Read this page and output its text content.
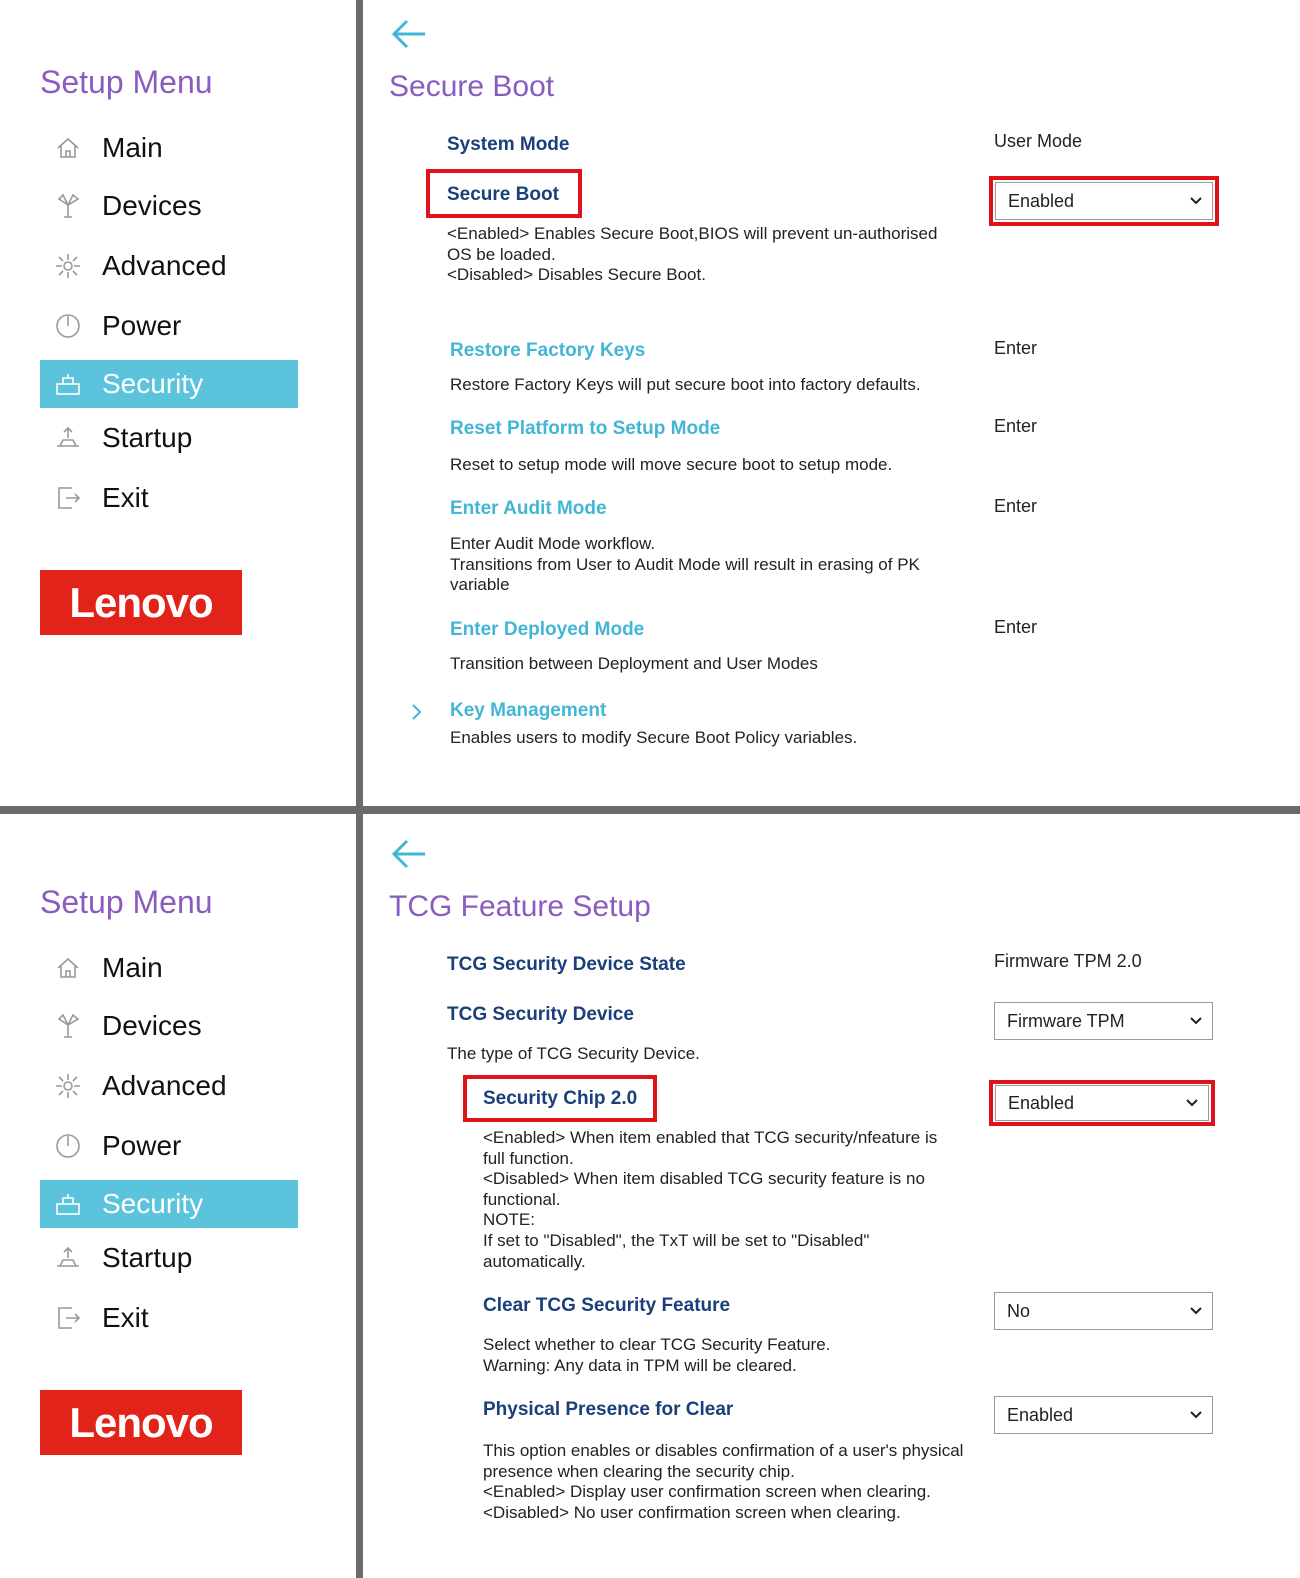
Setup Menu
Main
Devices
Advanced
Power
Security
Startup
Exit
Lenovo
Secure Boot
System Mode	User Mode
Secure Boot	Enabled
<Enabled> Enables Secure Boot,BIOS will prevent un-authorised
OS be loaded.
<Disabled> Disables Secure Boot.
Restore Factory Keys	Enter
Restore Factory Keys will put secure boot into factory defaults.
Reset Platform to Setup Mode	Enter
Reset to setup mode will move secure boot to setup mode.
Enter Audit Mode	Enter
Enter Audit Mode workflow.
Transitions from User to Audit Mode will result in erasing of PK
variable
Enter Deployed Mode	Enter
Transition between Deployment and User Modes
Key Management
Enables users to modify Secure Boot Policy variables.
Setup Menu
Main
Devices
Advanced
Power
Security
Startup
Exit
Lenovo
TCG Feature Setup
TCG Security Device State	Firmware TPM 2.0
TCG Security Device	Firmware TPM
The type of TCG Security Device.
Security Chip 2.0	Enabled
<Enabled> When item enabled that TCG security/nfeature is
full function.
<Disabled> When item disabled TCG security feature is no
functional.
NOTE:
If set to "Disabled", the TxT will be set to "Disabled"
automatically.
Clear TCG Security Feature	No
Select whether to clear TCG Security Feature.
Warning: Any data in TPM will be cleared.
Physical Presence for Clear	Enabled
This option enables or disables confirmation of a user's physical
presence when clearing the security chip.
<Enabled> Display user confirmation screen when clearing.
<Disabled> No user confirmation screen when clearing.
